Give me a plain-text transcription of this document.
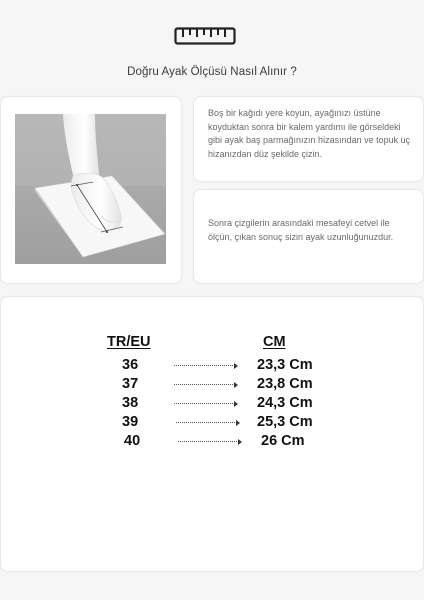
Doğru Ayak Ölçüsü Nasıl Alınır ?
Boş bir kağıdı yere koyun, ayağınızı üstüne koyduktan sonra bir kalem yardımı ile görseldeki gibi ayak baş parmağınızın hizasından ve topuk uç hizanızdan düz şekilde çizin.
Sonra çizgilerin arasındaki mesafeyi cetvel ile ölçün, çıkan sonuç sizin ayak uzunluğunuzdur.
TR/EU	CM
36	23,3 Cm
37	23,8 Cm
38	24,3 Cm
39	25,3 Cm
40	26 Cm
